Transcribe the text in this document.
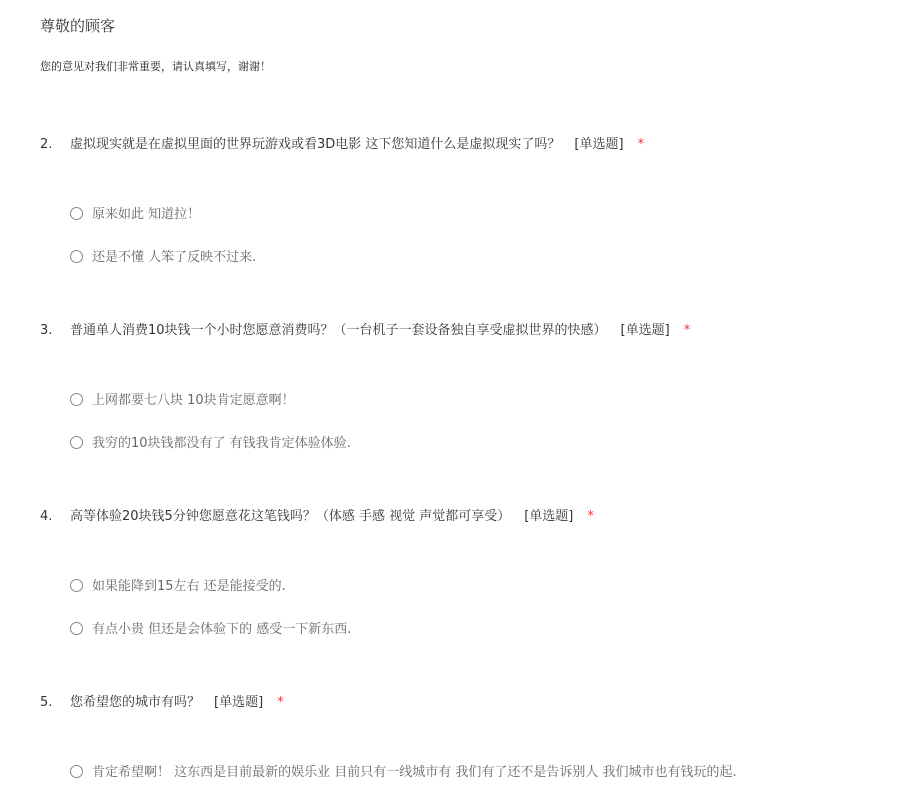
尊敬的顾客

您的意见对我们非常重要，请认真填写，谢谢！

2. 虚拟现实就是在虚拟里面的世界玩游戏或看3D电影 这下您知道什么是虚拟现实了吗？ [单选题] *
原来如此 知道拉！
还是不懂 人笨了反映不过来.
3. 普通单人消费10块钱一个小时您愿意消费吗？（一台机子一套设备独自享受虚拟世界的快感） [单选题] *
上网都要七八块 10块肯定愿意啊！
我穷的10块钱都没有了 有钱我肯定体验体验.
4. 高等体验20块钱5分钟您愿意花这笔钱吗？（体感 手感 视觉 声觉都可享受） [单选题] *
如果能降到15左右 还是能接受的.
有点小贵 但还是会体验下的 感受一下新东西.
5. 您希望您的城市有吗？ [单选题] *
肯定希望啊！ 这东西是目前最新的娱乐业 目前只有一线城市有 我们有了还不是告诉别人 我们城市也有钱玩的起.
